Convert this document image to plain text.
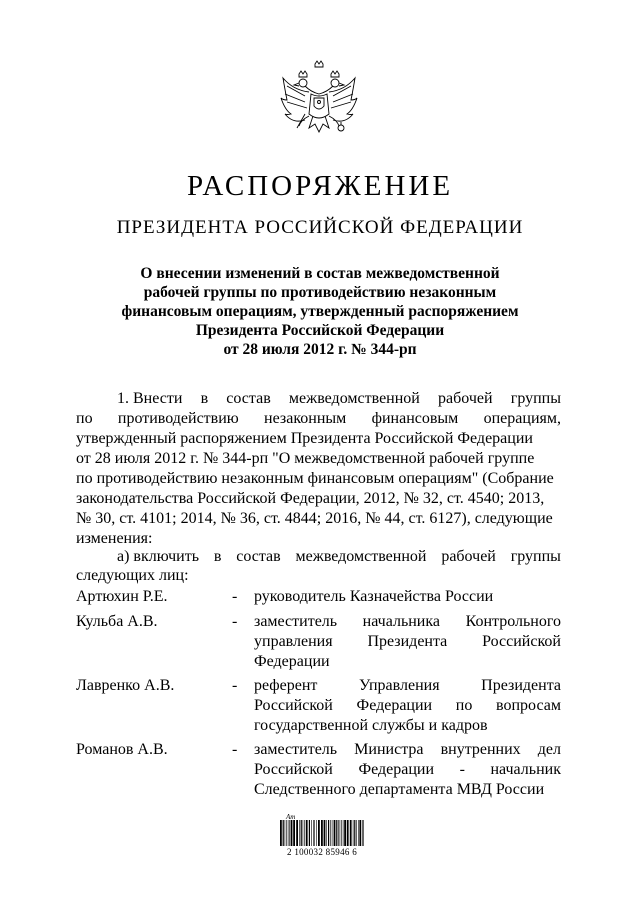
РАСПОРЯЖЕНИЕ
ПРЕЗИДЕНТА РОССИЙСКОЙ ФЕДЕРАЦИИ
О внесении изменений в состав межведомственной
рабочей группы по противодействию незаконным
финансовым операциям, утвержденный распоряжением
Президента Российской Федерации
от 28 июля 2012 г. № 344-рп
1. Внести в состав межведомственной рабочей группы
по противодействию незаконным финансовым операциям,
утвержденный распоряжением Президента Российской Федерации
от 28 июля 2012 г. № 344-рп "О межведомственной рабочей группе
по противодействию незаконным финансовым операциям" (Собрание
законодательства Российской Федерации, 2012, № 32, ст. 4540; 2013,
№ 30, ст. 4101; 2014, № 36, ст. 4844; 2016, № 44, ст. 6127), следующие
изменения:
а) включить в состав межведомственной рабочей группы
следующих лиц:
Артюхин Р.Е.	- руководитель Казначейства России
Кульба А.В.	- заместитель начальника Контрольного
управления Президента Российской
Федерации
Лавренко А.В.	- референт	Управления	Президента
Российской Федерации по вопросам
государственной службы и кадров
Романов А.В.	- заместитель Министра внутренних дел
Российской Федерации - начальник
Следственного департамента МВД России
Ат
2 100032 85946 6
